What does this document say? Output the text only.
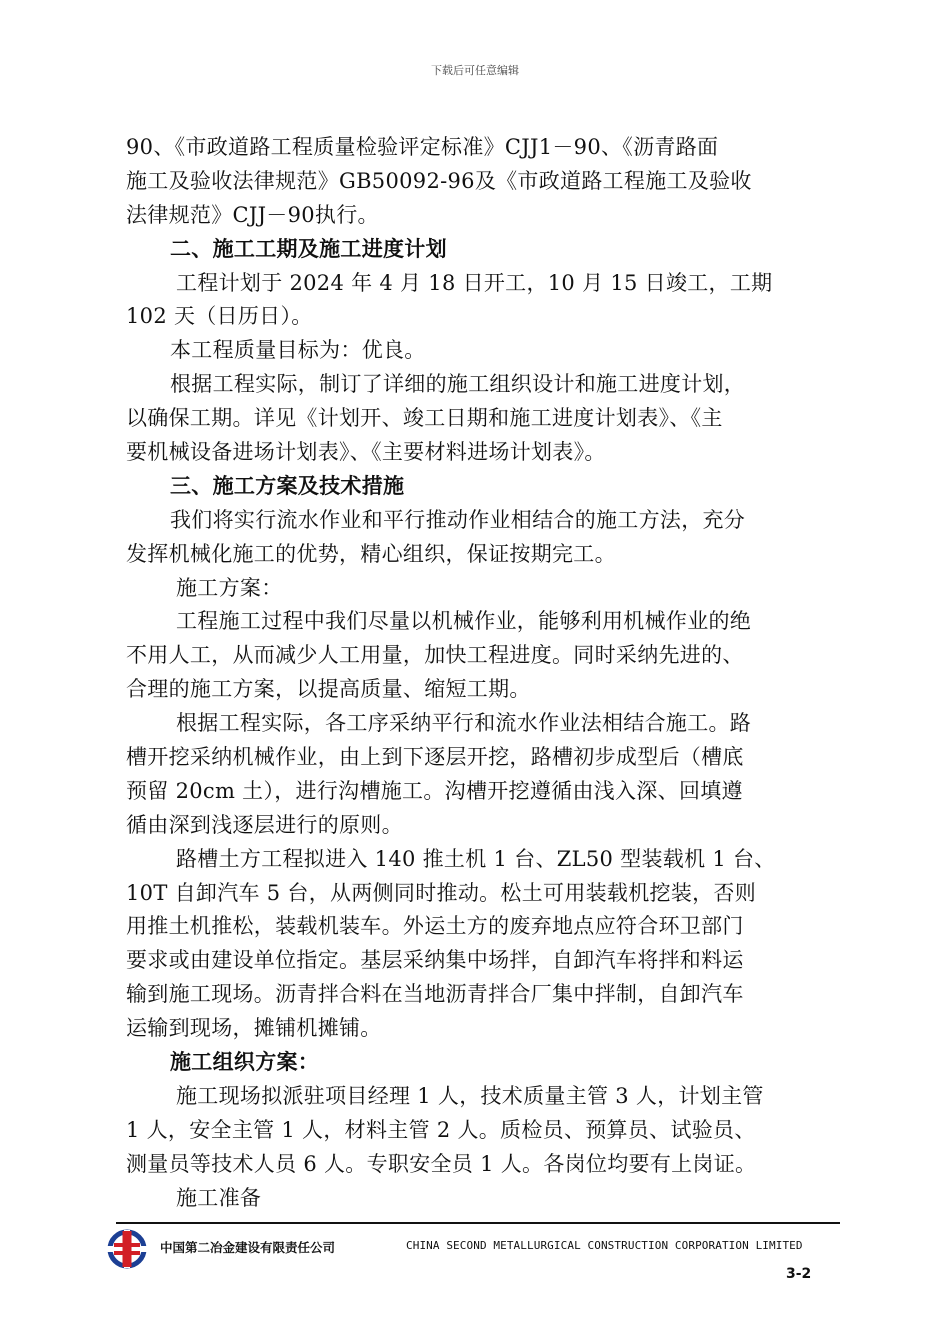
下载后可任意编辑
90、《市政道路工程质量检验评定标准》CJJ1－90、《沥青路面
施工及验收法律规范》GB50092-96及《市政道路工程施工及验收
法律规范》CJJ－90执行。
二、施工工期及施工进度计划
工程计划于 2024 年 4 月 18 日开工，10 月 15 日竣工，工期
102 天（日历日）。
本工程质量目标为：优良。
根据工程实际，制订了详细的施工组织设计和施工进度计划，
以确保工期。详见《计划开、竣工日期和施工进度计划表》、《主
要机械设备进场计划表》、《主要材料进场计划表》。
三、施工方案及技术措施
我们将实行流水作业和平行推动作业相结合的施工方法，充分
发挥机械化施工的优势，精心组织，保证按期完工。
施工方案：
工程施工过程中我们尽量以机械作业，能够利用机械作业的绝
不用人工，从而减少人工用量，加快工程进度。同时采纳先进的、
合理的施工方案，以提高质量、缩短工期。
根据工程实际，各工序采纳平行和流水作业法相结合施工。路
槽开挖采纳机械作业，由上到下逐层开挖，路槽初步成型后（槽底
预留 20cm 土），进行沟槽施工。沟槽开挖遵循由浅入深、回填遵
循由深到浅逐层进行的原则。
路槽土方工程拟进入 140 推土机 1 台、ZL50 型装载机 1 台、
10T 自卸汽车 5 台，从两侧同时推动。松土可用装载机挖装，否则
用推土机推松，装载机装车。外运土方的废弃地点应符合环卫部门
要求或由建设单位指定。基层采纳集中场拌，自卸汽车将拌和料运
输到施工现场。沥青拌合料在当地沥青拌合厂集中拌制，自卸汽车
运输到现场，摊铺机摊铺。
施工组织方案：
施工现场拟派驻项目经理 1 人，技术质量主管 3 人，计划主管
1 人，安全主管 1 人，材料主管 2 人。质检员、预算员、试验员、
测量员等技术人员 6 人。专职安全员 1 人。各岗位均要有上岗证。
施工准备
中国第二冶金建设有限责任公司	CHINA SECOND METALLURGICAL CONSTRUCTION CORPORATION LIMITED
3-2
